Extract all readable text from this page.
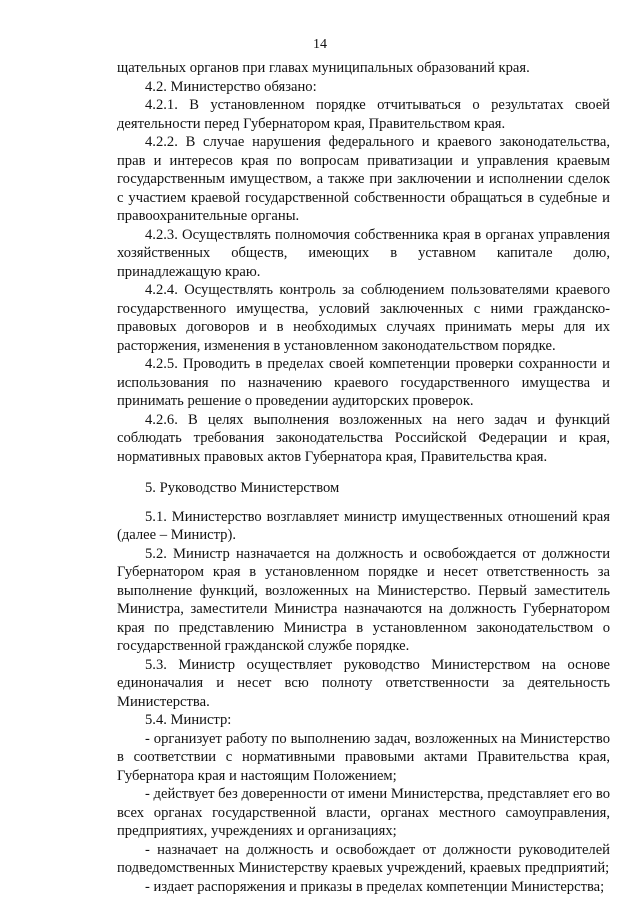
14

щательных органов при главах муниципальных образований края.

4.2. Министерство обязано:

4.2.1. В установленном порядке отчитываться о результатах своей деятельности перед Губернатором края, Правительством края.

4.2.2. В случае нарушения федерального и краевого законодательства, прав и интересов края по вопросам приватизации и управления краевым государственным имуществом, а также при заключении и исполнении сделок с участием краевой государственной собственности обращаться в судебные и правоохранительные органы.

4.2.3. Осуществлять полномочия собственника края в органах управления хозяйственных обществ, имеющих в уставном капитале долю, принадлежащую краю.

4.2.4. Осуществлять контроль за соблюдением пользователями краевого государственного имущества, условий заключенных с ними гражданско-правовых договоров и в необходимых случаях принимать меры для их расторжения, изменения в установленном законодательством порядке.

4.2.5. Проводить в пределах своей компетенции проверки сохранности и использования по назначению краевого государственного имущества и принимать решение о проведении аудиторских проверок.

4.2.6. В целях выполнения возложенных на него задач и функций соблюдать требования законодательства Российской Федерации и края, нормативных правовых актов Губернатора края, Правительства края.

5. Руководство Министерством

5.1. Министерство возглавляет министр имущественных отношений края (далее – Министр).

5.2. Министр назначается на должность и освобождается от должности Губернатором края в установленном порядке и несет ответственность за выполнение функций, возложенных на Министерство. Первый заместитель Министра, заместители Министра назначаются на должность Губернатором края по представлению Министра в установленном законодательством о государственной гражданской службе порядке.

5.3. Министр осуществляет руководство Министерством на основе единоначалия и несет всю полноту ответственности за деятельность Министерства.

5.4. Министр:

- организует работу по выполнению задач, возложенных на Министерство в соответствии с нормативными правовыми актами Правительства края, Губернатора края и настоящим Положением;

- действует без доверенности от имени Министерства, представляет его во всех органах государственной власти, органах местного самоуправления, предприятиях, учреждениях и организациях;

- назначает на должность и освобождает от должности руководителей подведомственных Министерству краевых учреждений, краевых предприятий;

- издает распоряжения и приказы в пределах компетенции Министерства;
